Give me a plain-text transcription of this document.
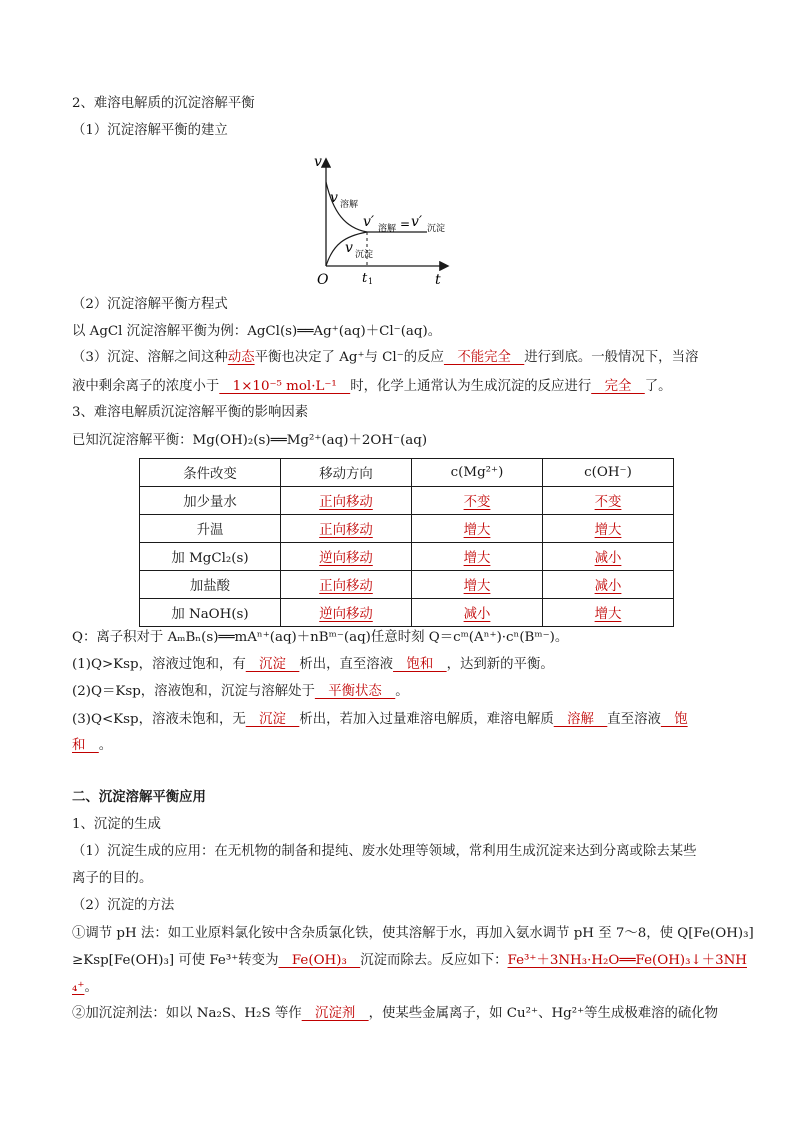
2、难溶电解质的沉淀溶解平衡
（1）沉淀溶解平衡的建立
v
t
O	t 1
v 溶解
v 沉淀
v′ 溶解 = v′ 沉淀
（2）沉淀溶解平衡方程式
以 AgCl 沉淀溶解平衡为例：AgCl(s)══Ag⁺(aq)＋Cl⁻(aq)。
（3）沉淀、溶解之间这种动态平衡也决定了 Ag⁺与 Cl⁻的反应　不能完全　进行到底。一般情况下，当溶
液中剩余离子的浓度小于　1×10⁻⁵ mol·L⁻¹　时，化学上通常认为生成沉淀的反应进行　完全　了。
3、难溶电解质沉淀溶解平衡的影响因素
已知沉淀溶解平衡：Mg(OH)₂(s)══Mg²⁺(aq)＋2OH⁻(aq)
条件改变	移动方向	c(Mg²⁺)	c(OH⁻)
加少量水	正向移动	不变	不变
升温	正向移动	增大	增大
加 MgCl₂(s)	逆向移动	增大	减小
加盐酸	正向移动	增大	减小
加 NaOH(s)	逆向移动	减小	增大
Q：离子积对于 AₘBₙ(s)══mAⁿ⁺(aq)＋nBᵐ⁻(aq)任意时刻 Q＝cᵐ(Aⁿ⁺)·cⁿ(Bᵐ⁻)。
(1)Q>Ksp，溶液过饱和，有　沉淀　析出，直至溶液　饱和　，达到新的平衡。
(2)Q＝Ksp，溶液饱和，沉淀与溶解处于　平衡状态　。
(3)Q<Ksp，溶液未饱和，无　沉淀　析出，若加入过量难溶电解质，难溶电解质　溶解　直至溶液　饱
和　。
二、沉淀溶解平衡应用
1、沉淀的生成
（1）沉淀生成的应用：在无机物的制备和提纯、废水处理等领域，常利用生成沉淀来达到分离或除去某些
离子的目的。
（2）沉淀的方法
①调节 pH 法：如工业原料氯化铵中含杂质氯化铁，使其溶解于水，再加入氨水调节 pH 至 7～8，使 Q[Fe(OH)₃]
≥Ksp[Fe(OH)₃] 可使 Fe³⁺转变为　Fe(OH)₃　沉淀而除去。反应如下：Fe³⁺＋3NH₃·H₂O══Fe(OH)₃↓＋3NH
₄⁺。
②加沉淀剂法：如以 Na₂S、H₂S 等作　沉淀剂　，使某些金属离子，如 Cu²⁺、Hg²⁺等生成极难溶的硫化物
